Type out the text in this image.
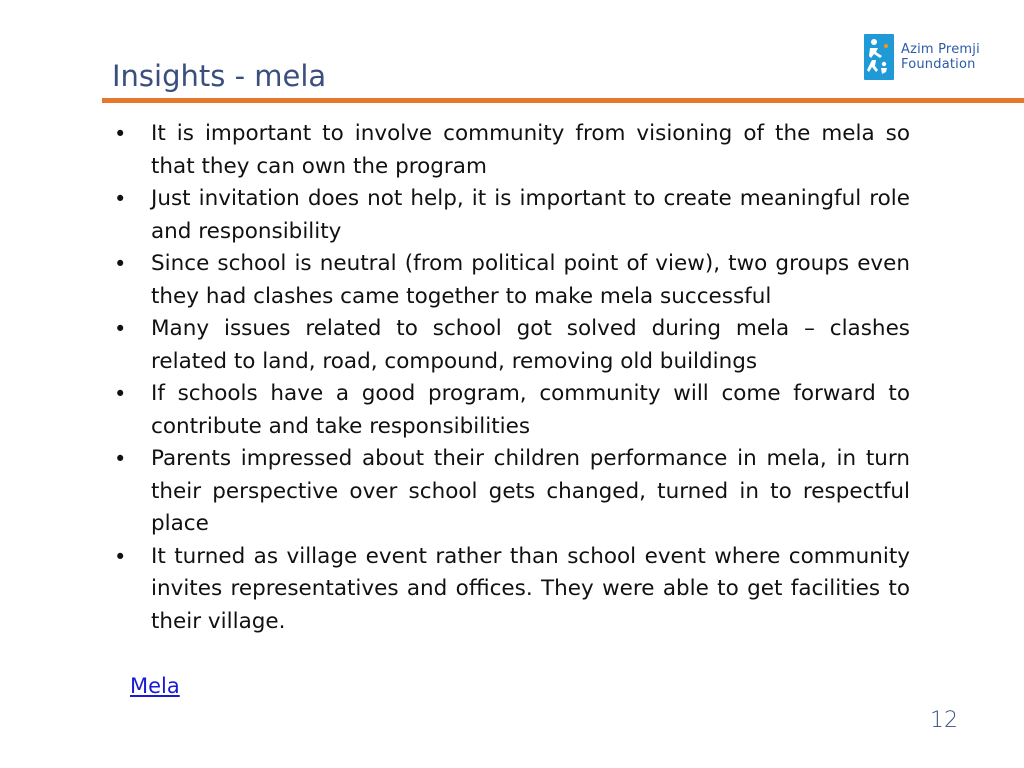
Insights - mela
Azim Premji
Foundation
• It is important to involve community from visioning of the mela so that they can own the program
• Just invitation does not help, it is important to create meaningful role and responsibility
• Since school is neutral (from political point of view), two groups even they had clashes came together to make mela successful
• Many issues related to school got solved during mela – clashes related to land, road, compound, removing old buildings
• If schools have a good program, community will come forward to contribute and take responsibilities
• Parents impressed about their children performance in mela, in turn their perspective over school gets changed, turned in to respectful place
• It turned as village event rather than school event where community invites representatives and offices. They were able to get facilities to their village.
Mela
12
